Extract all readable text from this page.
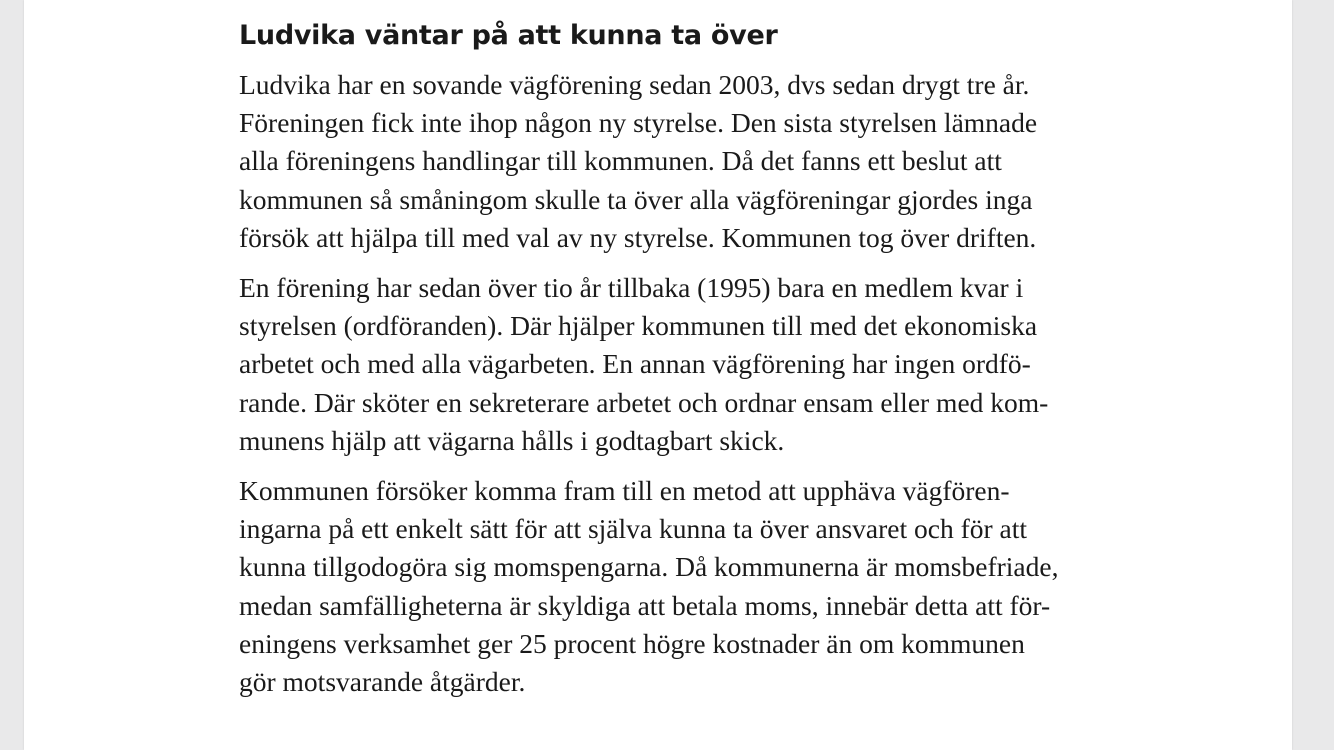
Ludvika väntar på att kunna ta över

Ludvika har en sovande vägförening sedan 2003, dvs sedan drygt tre år.
Föreningen fick inte ihop någon ny styrelse. Den sista styrelsen lämnade
alla föreningens handlingar till kommunen. Då det fanns ett beslut att
kommunen så småningom skulle ta över alla vägföreningar gjordes inga
försök att hjälpa till med val av ny styrelse. Kommunen tog över driften.

En förening har sedan över tio år tillbaka (1995) bara en medlem kvar i
styrelsen (ordföranden). Där hjälper kommunen till med det ekonomiska
arbetet och med alla vägarbeten. En annan vägförening har ingen ordfö-
rande. Där sköter en sekreterare arbetet och ordnar ensam eller med kom-
munens hjälp att vägarna hålls i godtagbart skick.

Kommunen försöker komma fram till en metod att upphäva vägfören-
ingarna på ett enkelt sätt för att själva kunna ta över ansvaret och för att
kunna tillgodogöra sig momspengarna. Då kommunerna är momsbefriade,
medan samfälligheterna är skyldiga att betala moms, innebär detta att för-
eningens verksamhet ger 25 procent högre kostnader än om kommunen
gör motsvarande åtgärder.
